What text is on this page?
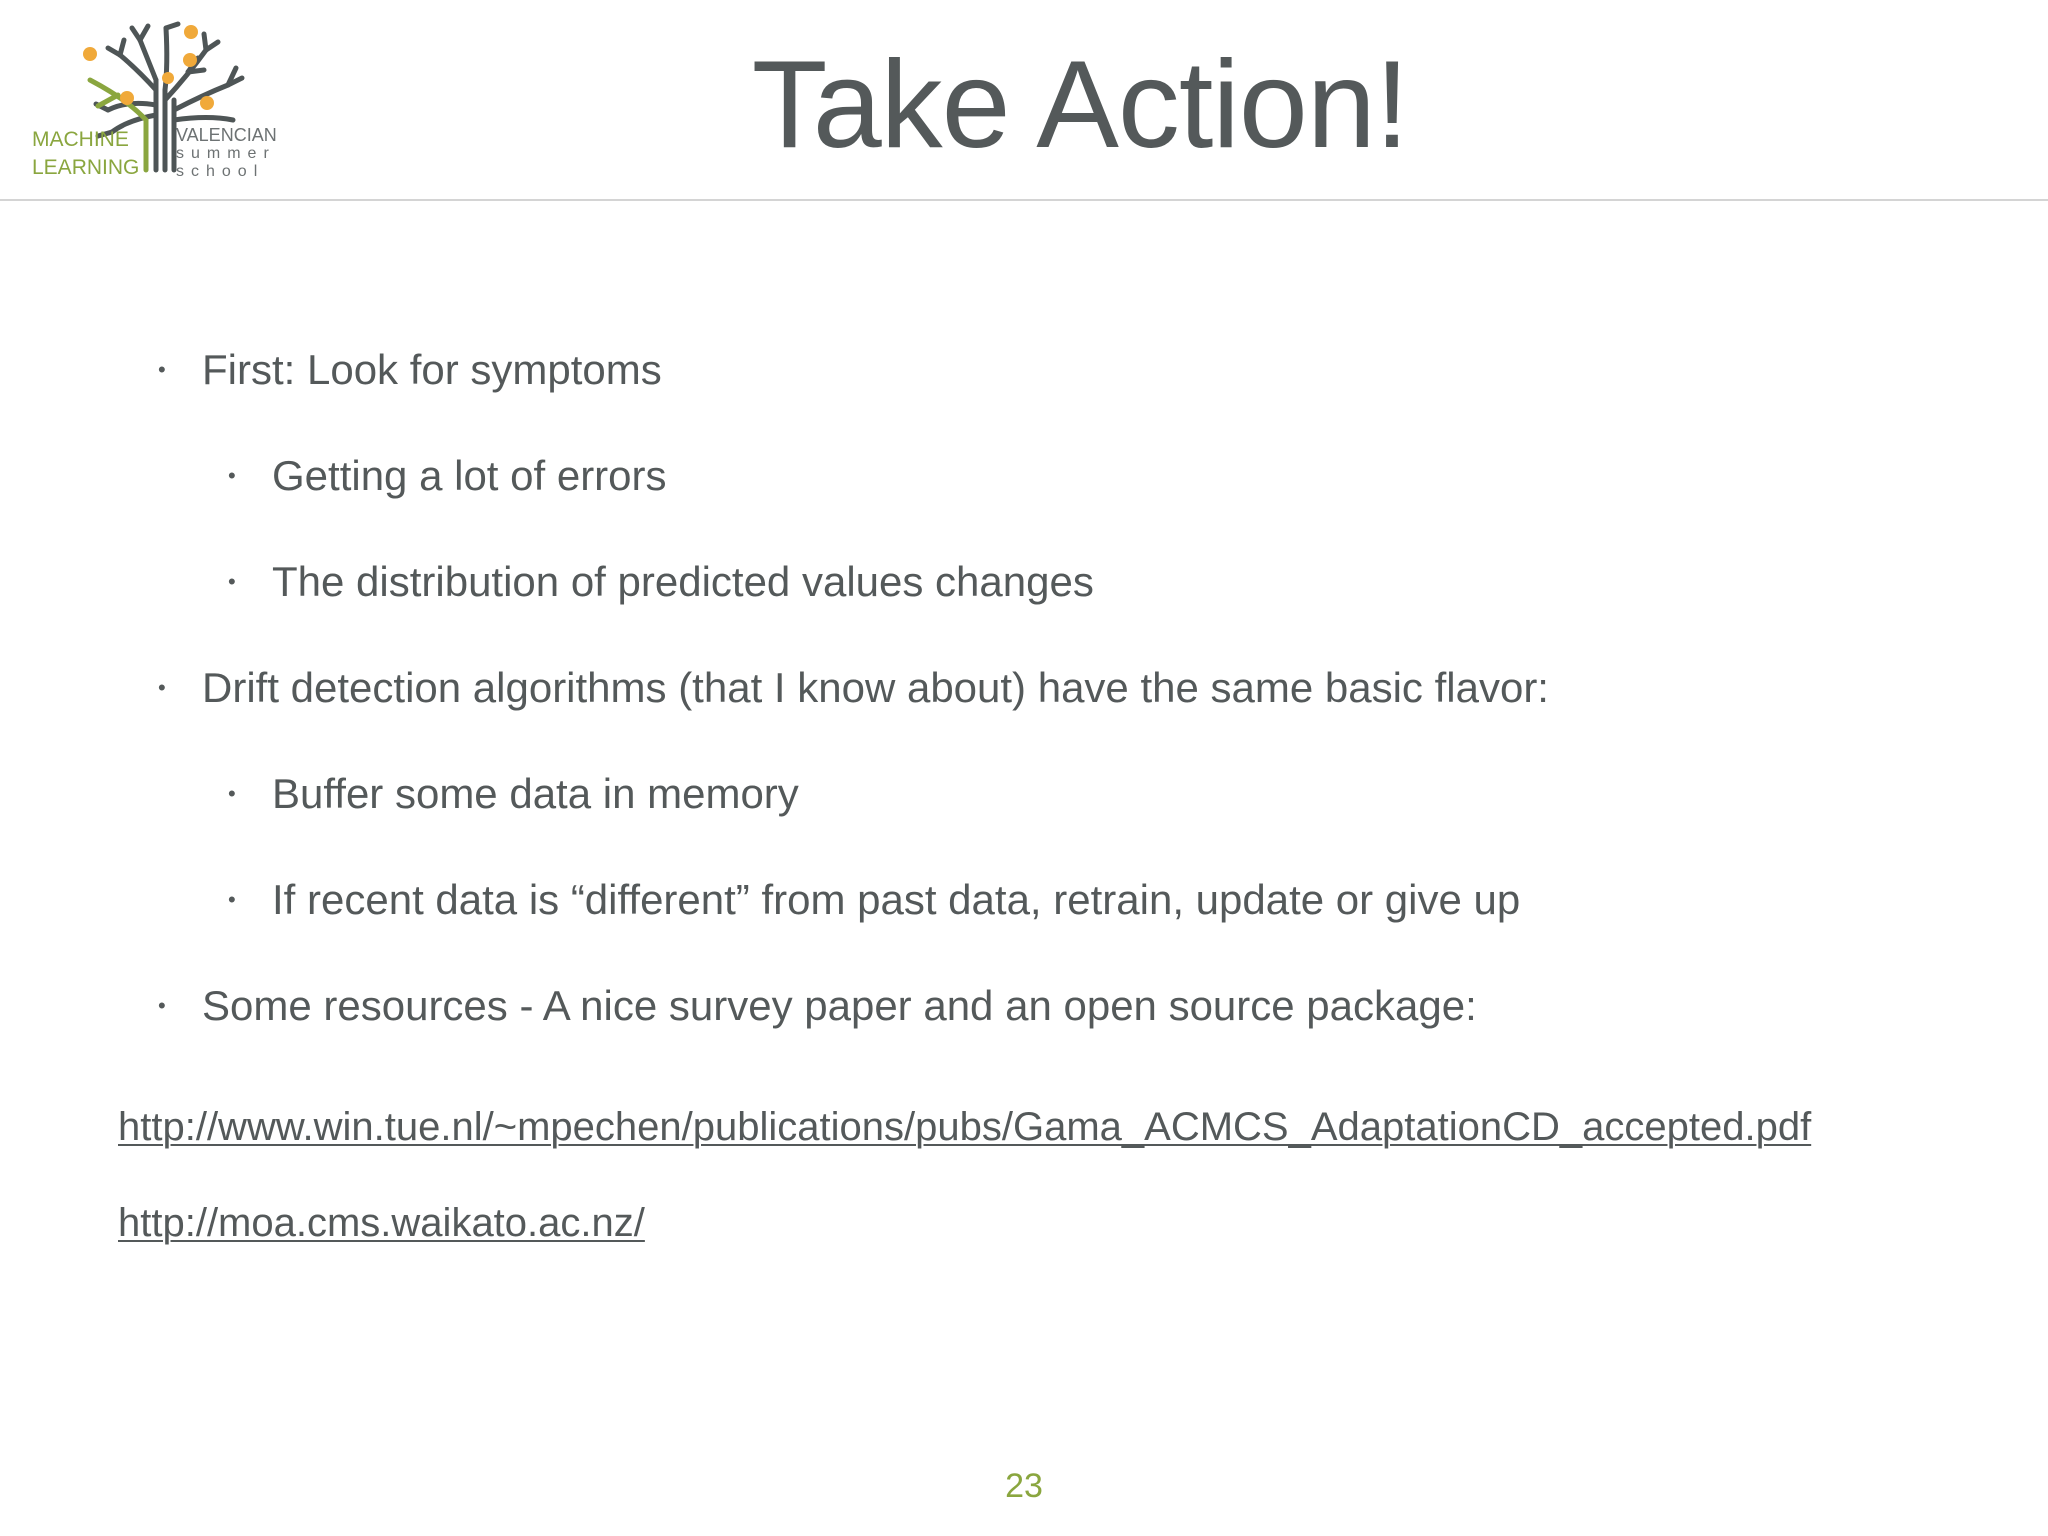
MACHINE
LEARNING
VALENCIAN
summer
school	Take Action!
• First: Look for symptoms
• Getting a lot of errors
• The distribution of predicted values changes
• Drift detection algorithms (that I know about) have the same basic flavor:
• Buffer some data in memory
• If recent data is “different” from past data, retrain, update or give up
• Some resources - A nice survey paper and an open source package:
http://www.win.tue.nl/~mpechen/publications/pubs/Gama_ACMCS_AdaptationCD_accepted.pdf
http://moa.cms.waikato.ac.nz/
23
